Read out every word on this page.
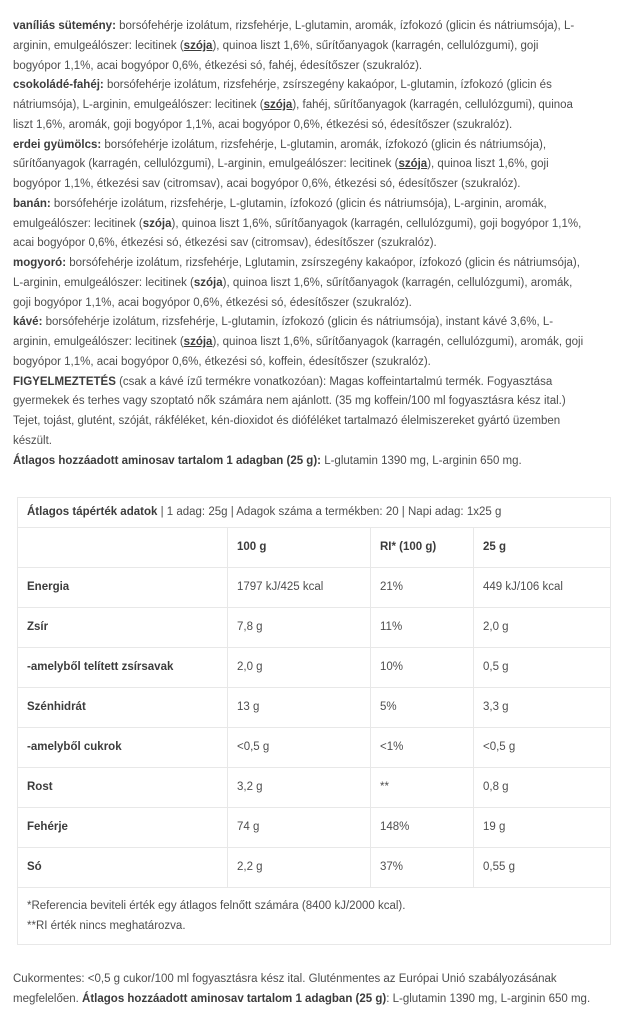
vaníliás sütemény: borsófehérje izolátum, rizsfehérje, L-glutamin, aromák, ízfokozó (glicin és nátriumsója), L-arginin, emulgeálószer: lecitinek (szója), quinoa liszt 1,6%, sűrítőanyagok (karragén, cellulózgumi), goji bogyópor 1,1%, acai bogyópor 0,6%, étkezési só, fahéj, édesítőszer (szukralóz).

csokoládé-fahéj: borsófehérje izolátum, rizsfehérje, zsírszegény kakaópor, L-glutamin, ízfokozó (glicin és nátriumsója), L-arginin, emulgeálószer: lecitinek (szója), fahéj, sűrítőanyagok (karragén, cellulózgumi), quinoa liszt 1,6%, aromák, goji bogyópor 1,1%, acai bogyópor 0,6%, étkezési só, édesítőszer (szukralóz).

erdei gyümölcs: borsófehérje izolátum, rizsfehérje, L-glutamin, aromák, ízfokozó (glicin és nátriumsója), sűrítőanyagok (karragén, cellulózgumi), L-arginin, emulgeálószer: lecitinek (szója), quinoa liszt 1,6%, goji bogyópor 1,1%, étkezési sav (citromsav), acai bogyópor 0,6%, étkezési só, édesítőszer (szukralóz).

banán: borsófehérje izolátum, rizsfehérje, L-glutamin, ízfokozó (glicin és nátriumsója), L-arginin, aromák, emulgeálószer: lecitinek (szója), quinoa liszt 1,6%, sűrítőanyagok (karragén, cellulózgumi), goji bogyópor 1,1%, acai bogyópor 0,6%, étkezési só, étkezési sav (citromsav), édesítőszer (szukralóz).

mogyoró: borsófehérje izolátum, rizsfehérje, Lglutamin, zsírszegény kakaópor, ízfokozó (glicin és nátriumsója), L-arginin, emulgeálószer: lecitinek (szója), quinoa liszt 1,6%, sűrítőanyagok (karragén, cellulózgumi), aromák, goji bogyópor 1,1%, acai bogyópor 0,6%, étkezési só, édesítőszer (szukralóz).

kávé: borsófehérje izolátum, rizsfehérje, L-glutamin, ízfokozó (glicin és nátriumsója), instant kávé 3,6%, L-arginin, emulgeálószer: lecitinek (szója), quinoa liszt 1,6%, sűrítőanyagok (karragén, cellulózgumi), aromák, goji bogyópor 1,1%, acai bogyópor 0,6%, étkezési só, koffein, édesítőszer (szukralóz).

FIGYELMEZTETÉS (csak a kávé ízű termékre vonatkozóan): Magas koffeintartalmú termék. Fogyasztása gyermekek és terhes vagy szoptató nők számára nem ajánlott. (35 mg koffein/100 ml fogyasztásra kész ital.)

Tejet, tojást, glutént, szóját, rákféléket, kén-dioxidot és dióféléket tartalmazó élelmiszereket gyártó üzemben készült.

Átlagos hozzáadott aminosav tartalom 1 adagban (25 g): L-glutamin 1390 mg, L-arginin 650 mg.

Átlagos tápérték adatok | 1 adag: 25g | Adagok száma a termékben: 20 | Napi adag: 1x25 g			
	100 g	RI* (100 g)	25 g
Energia	1797 kJ/425 kcal	21%	449 kJ/106 kcal
Zsír	7,8 g	11%	2,0 g
-amelyből telített zsírsavak	2,0 g	10%	0,5 g
Szénhidrát	13 g	5%	3,3 g
-amelyből cukrok	<0,5 g	<1%	<0,5 g
Rost	3,2 g	**	0,8 g
Fehérje	74 g	148%	19 g
Só	2,2 g	37%	0,55 g

*Referencia beviteli érték egy átlagos felnőtt számára (8400 kJ/2000 kcal).
**RI érték nincs meghatározva.			

Cukormentes: <0,5 g cukor/100 ml fogyasztásra kész ital. Gluténmentes az Európai Unió szabályozásának megfelelően. Átlagos hozzáadott aminosav tartalom 1 adagban (25 g): L-glutamin 1390 mg, L-arginin 650 mg.
